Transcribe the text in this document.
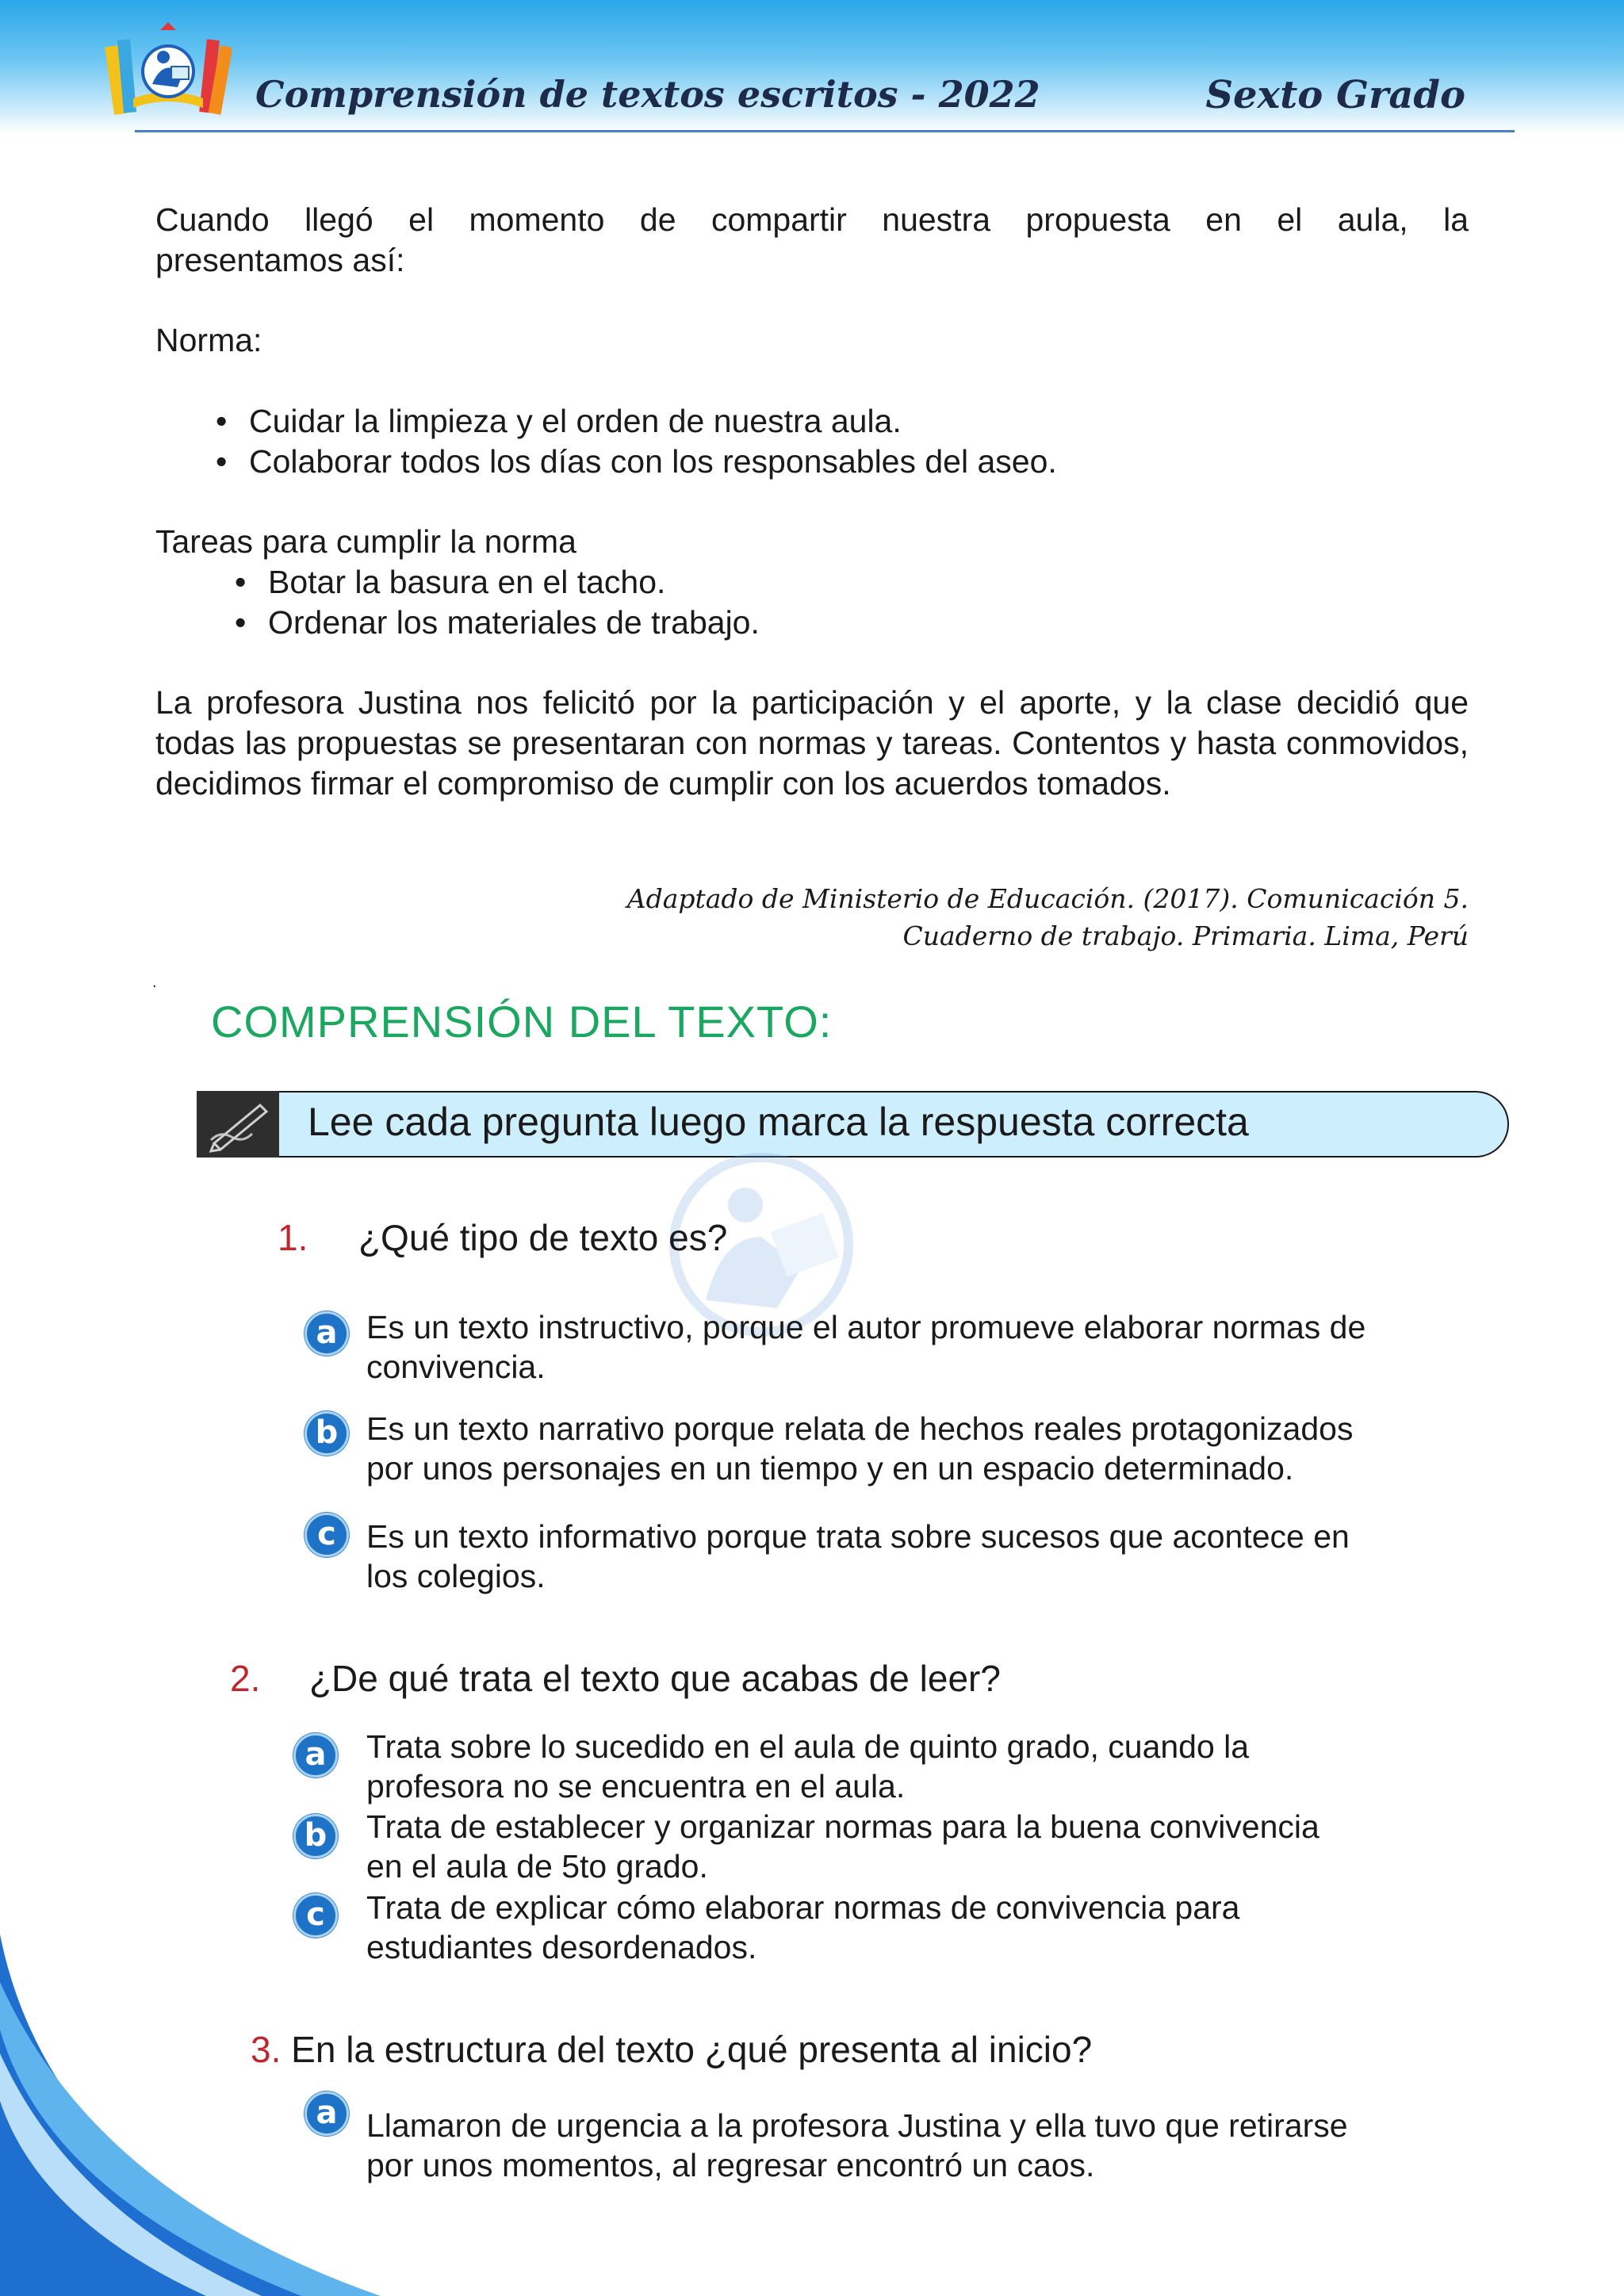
Comprensión de textos escritos - 2022	Sexto Grado
Cuando llegó el momento de compartir nuestra propuesta en el aula, la
presentamos así:
Norma:
• Cuidar la limpieza y el orden de nuestra aula.
• Colaborar todos los días con los responsables del aseo.
Tareas para cumplir la norma
• Botar la basura en el tacho.
• Ordenar los materiales de trabajo.
La profesora Justina nos felicitó por la participación y el aporte, y la clase decidió que todas las propuestas se presentaran con normas y tareas. Contentos y hasta conmovidos, decidimos firmar el compromiso de cumplir con los acuerdos tomados.
Adaptado de Ministerio de Educación. (2017). Comunicación 5.
Cuaderno de trabajo. Primaria. Lima, Perú
.
COMPRENSIÓN DEL TEXTO:
Lee cada pregunta luego marca la respuesta correcta
1. ¿Qué tipo de texto es?
a Es un texto instructivo, porque el autor promueve elaborar normas de
convivencia.
b Es un texto narrativo porque relata de hechos reales protagonizados
por unos personajes en un tiempo y en un espacio determinado.
c Es un texto informativo porque trata sobre sucesos que acontece en
los colegios.
2. ¿De qué trata el texto que acabas de leer?
a	Trata sobre lo sucedido en el aula de quinto grado, cuando la
profesora no se encuentra en el aula.
b	Trata de establecer y organizar normas para la buena convivencia
en el aula de 5to grado.
c	Trata de explicar cómo elaborar normas de convivencia para
estudiantes desordenados.
3. En la estructura del texto ¿qué presenta al inicio?
a Llamaron de urgencia a la profesora Justina y ella tuvo que retirarse
por unos momentos, al regresar encontró un caos.
